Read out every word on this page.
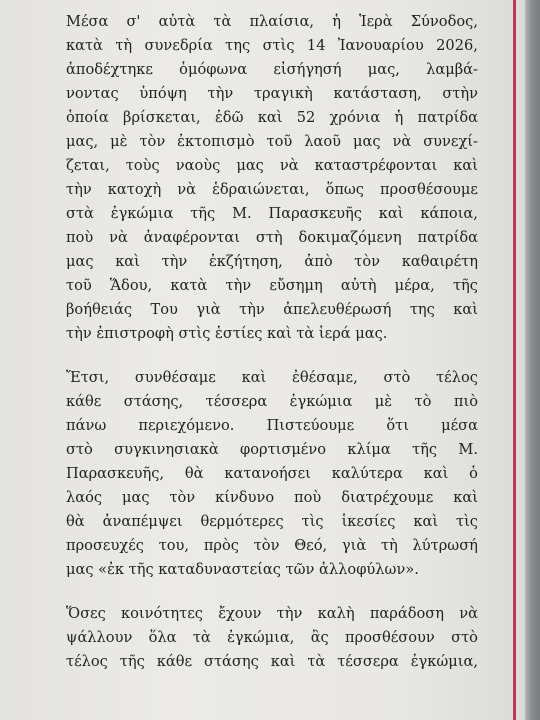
Μέσα σ' αὐτὰ τὰ πλαίσια, ἡ Ἱερὰ Σύνοδος,
κατὰ τὴ συνεδρία της στὶς 14 Ἰανουαρίου 2026,
ἀποδέχτηκε ὁμόφωνα εἰσήγησή μας, λαμβά-
νοντας ὑπόψη τὴν τραγικὴ κατάσταση, στὴν
ὁποία βρίσκεται, ἐδῶ καὶ 52 χρόνια ἡ πατρίδα
μας, μὲ τὸν ἐκτοπισμὸ τοῦ λαοῦ μας νὰ συνεχί-
ζεται, τοὺς ναοὺς μας νὰ καταστρέφονται καὶ
τὴν κατοχὴ νὰ ἑδραιώνεται, ὅπως προσθέσουμε
στὰ ἐγκώμια τῆς Μ. Παρασκευῆς καὶ κάποια,
ποὺ νὰ ἀναφέρονται στὴ δοκιμαζόμενη πατρίδα
μας καὶ τὴν ἐκζήτηση, ἀπὸ τὸν καθαιρέτη
τοῦ Ἅδου, κατὰ τὴν εὔσημη αὐτὴ μέρα, τῆς
βοήθειάς Του γιὰ τὴν ἀπελευθέρωσή της καὶ
τὴν ἐπιστροφὴ στὶς ἑστίες καὶ τὰ ἱερά μας.
Ἔτσι, συνθέσαμε καὶ ἐθέσαμε, στὸ τέλος
κάθε στάσης, τέσσερα ἐγκώμια μὲ τὸ πιὸ
πάνω περιεχόμενο. Πιστεύουμε ὅτι μέσα
στὸ συγκινησιακὰ φορτισμένο κλίμα τῆς Μ.
Παρασκευῆς, θὰ κατανοήσει καλύτερα καὶ ὁ
λαός μας τὸν κίνδυνο ποὺ διατρέχουμε καὶ
θὰ ἀναπέμψει θερμότερες τὶς ἱκεσίες καὶ τὶς
προσευχές του, πρὸς τὸν Θεό, γιὰ τὴ λύτρωσή
μας «ἐκ τῆς καταδυναστείας τῶν ἀλλοφύλων».
Ὅσες κοινότητες ἔχουν τὴν καλὴ παράδοση νὰ
ψάλλουν ὅλα τὰ ἐγκώμια, ἂς προσθέσουν στὸ
τέλος τῆς κάθε στάσης καὶ τὰ τέσσερα ἐγκώμια,
